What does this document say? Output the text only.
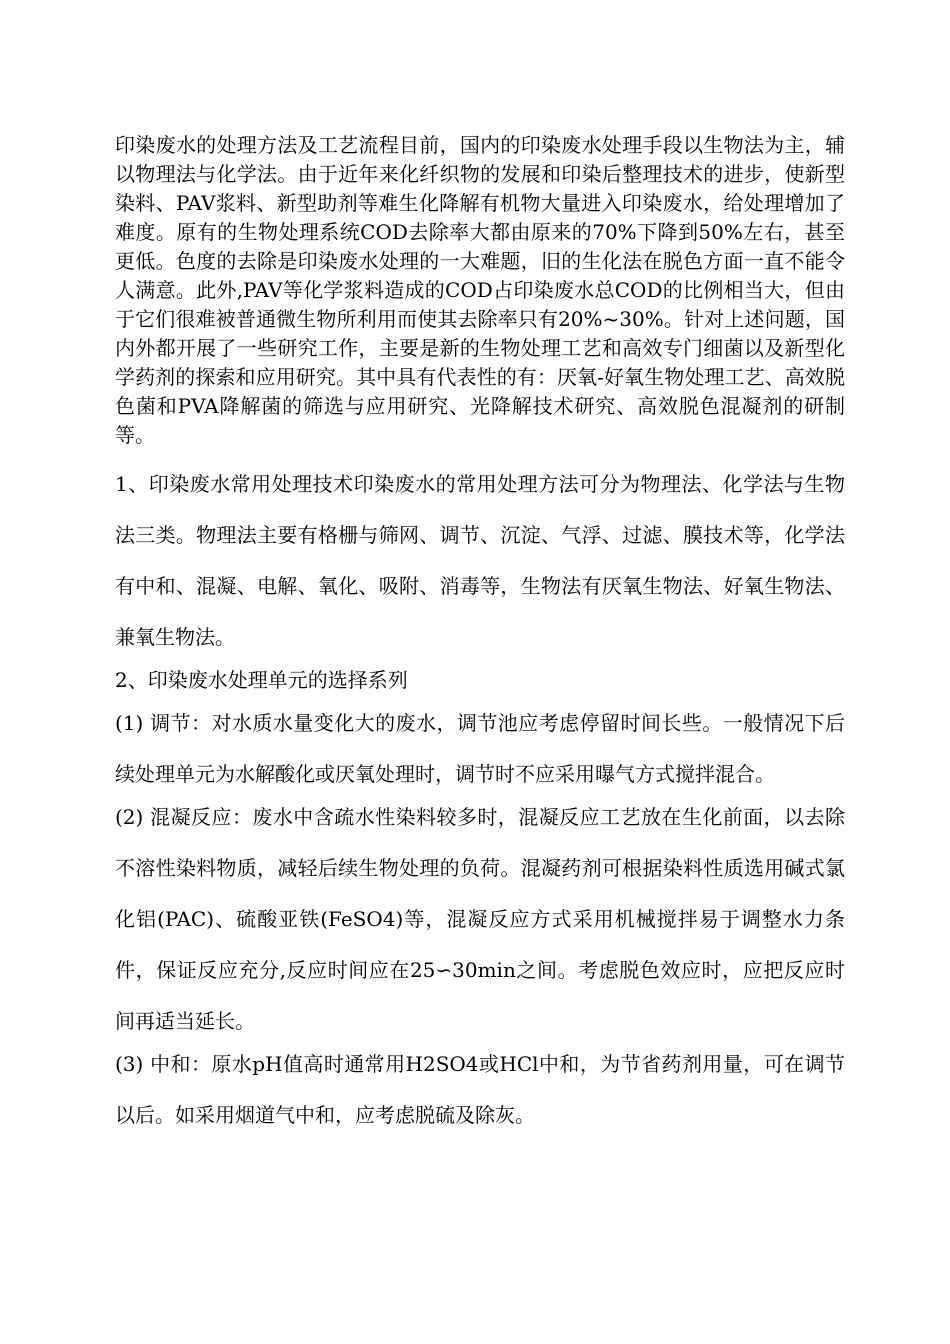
印染废水的处理方法及工艺流程目前，国内的印染废水处理手段以生物法为主，辅以物理法与化学法。由于近年来化纤织物的发展和印染后整理技术的进步，使新型染料、PAV浆料、新型助剂等难生化降解有机物大量进入印染废水，给处理增加了难度。原有的生物处理系统COD去除率大都由原来的70%下降到50%左右，甚至更低。色度的去除是印染废水处理的一大难题，旧的生化法在脱色方面一直不能令人满意。此外,PAV等化学浆料造成的COD占印染废水总COD的比例相当大，但由于它们很难被普通微生物所利用而使其去除率只有20%~30%。针对上述问题，国内外都开展了一些研究工作，主要是新的生物处理工艺和高效专门细菌以及新型化学药剂的探索和应用研究。其中具有代表性的有：厌氧-好氧生物处理工艺、高效脱色菌和PVA降解菌的筛选与应用研究、光降解技术研究、高效脱色混凝剂的研制等。

1、印染废水常用处理技术印染废水的常用处理方法可分为物理法、化学法与生物法三类。物理法主要有格栅与筛网、调节、沉淀、气浮、过滤、膜技术等，化学法有中和、混凝、电解、氧化、吸附、消毒等，生物法有厌氧生物法、好氧生物法、兼氧生物法。

2、印染废水处理单元的选择系列

(1) 调节：对水质水量变化大的废水，调节池应考虑停留时间长些。一般情况下后续处理单元为水解酸化或厌氧处理时，调节时不应采用曝气方式搅拌混合。

(2) 混凝反应：废水中含疏水性染料较多时，混凝反应工艺放在生化前面，以去除不溶性染料物质，减轻后续生物处理的负荷。混凝药剂可根据染料性质选用碱式氯化铝(PAC)、硫酸亚铁(FeSO4)等，混凝反应方式采用机械搅拌易于调整水力条件，保证反应充分,反应时间应在25∽30min之间。考虑脱色效应时，应把反应时间再适当延长。

(3) 中和：原水pH值高时通常用H2SO4或HCl中和，为节省药剂用量，可在调节以后。如采用烟道气中和，应考虑脱硫及除灰。
